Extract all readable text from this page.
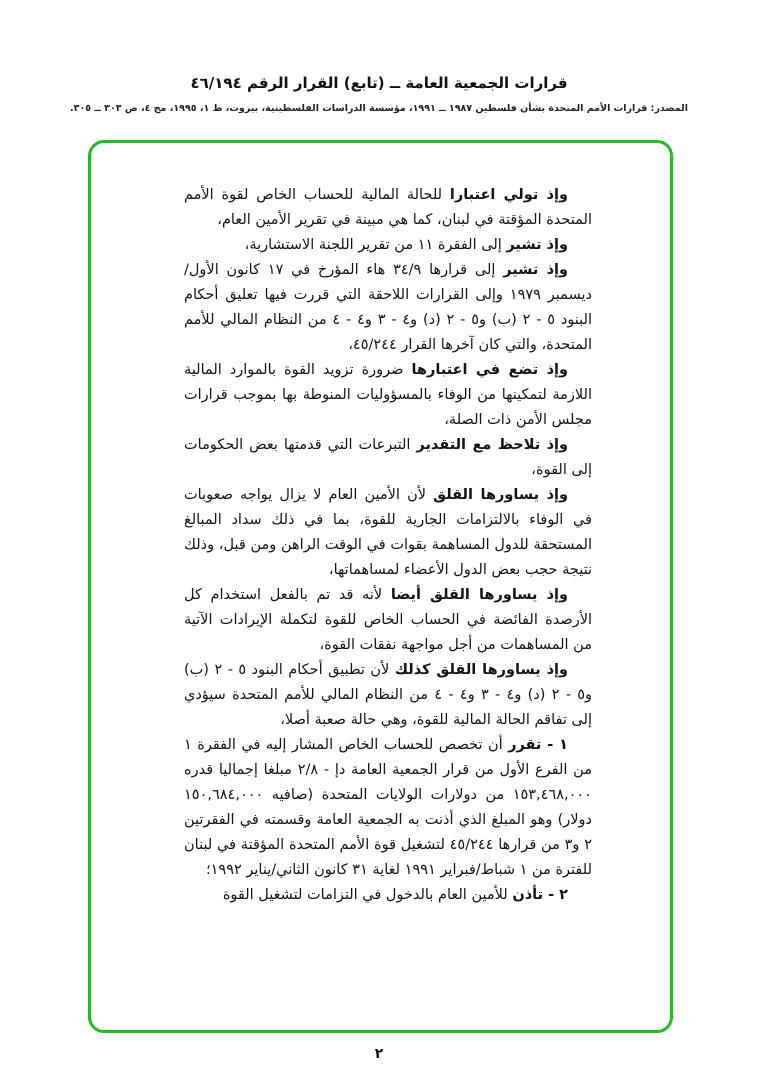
قرارات الجمعية العامة ــ (تابع) القرار الرقم ٤٦/١٩٤
المصدر: قرارات الأمم المتحدة بشأن فلسطين ١٩٨٧ ــ ١٩٩١، مؤسسة الدراسات الفلسطينية، بيروت، ط ١، ١٩٩٥، مج ٤، ص ٣٠٣ ــ ٣٠٥.

وإذ تولي اعتبارا للحالة المالية للحساب الخاص لقوة الأمم المتحدة المؤقتة في لبنان، كما هي مبينة في تقرير الأمين العام،

وإذ تشير إلى الفقرة ١١ من تقرير اللجنة الاستشارية،

وإذ تشير إلى قرارها ٣٤/٩ هاء المؤرخ في ١٧ كانون الأول/ ديسمبر ١٩٧٩ وإلى القرارات اللاحقة التي قررت فيها تعليق أحكام البنود ٥ - ٢ (ب) و٥ - ٢ (د) و٤ - ٣ و٤ - ٤ من النظام المالي للأمم المتحدة، والتي كان آخرها القرار ٤٥/٢٤٤،

وإذ تضع في اعتبارها ضرورة تزويد القوة بالموارد المالية اللازمة لتمكينها من الوفاء بالمسؤوليات المنوطة بها بموجب قرارات مجلس الأمن ذات الصلة،

وإذ تلاحظ مع التقدير التبرعات التي قدمتها بعض الحكومات إلى القوة،

وإذ يساورها القلق لأن الأمين العام لا يزال يواجه صعوبات في الوفاء بالالتزامات الجارية للقوة، بما في ذلك سداد المبالغ المستحقة للدول المساهمة بقوات في الوقت الراهن ومن قبل، وذلك نتيجة حجب بعض الدول الأعضاء لمساهماتها،

وإذ يساورها القلق أيضا لأنه قد تم بالفعل استخدام كل الأرصدة الفائضة في الحساب الخاص للقوة لتكملة الإيرادات الآتية من المساهمات من أجل مواجهة نفقات القوة،

وإذ يساورها القلق كذلك لأن تطبيق أحكام البنود ٥ - ٢ (ب) و٥ - ٢ (د) و٤ - ٣ و٤ - ٤ من النظام المالي للأمم المتحدة سيؤدي إلى تفاقم الحالة المالية للقوة، وهي حالة صعبة أصلا،

١ - تقرر أن تخصص للحساب الخاص المشار إليه في الفقرة ١ من الفرع الأول من قرار الجمعية العامة دإ - ٢/٨ مبلغا إجماليا قدره ١٥٣,٤٦٨,٠٠٠ من دولارات الولايات المتحدة (صافيه ١٥٠,٦٨٤,٠٠٠ دولار) وهو المبلغ الذي أذنت به الجمعية العامة وقسمته في الفقرتين ٢ و٣ من قرارها ٤٥/٢٤٤ لتشغيل قوة الأمم المتحدة المؤقتة في لبنان للفترة من ١ شباط/فبراير ١٩٩١ لغاية ٣١ كانون الثاني/يناير ١٩٩٢؛

٢ - تأذن للأمين العام بالدخول في التزامات لتشغيل القوة

٢
